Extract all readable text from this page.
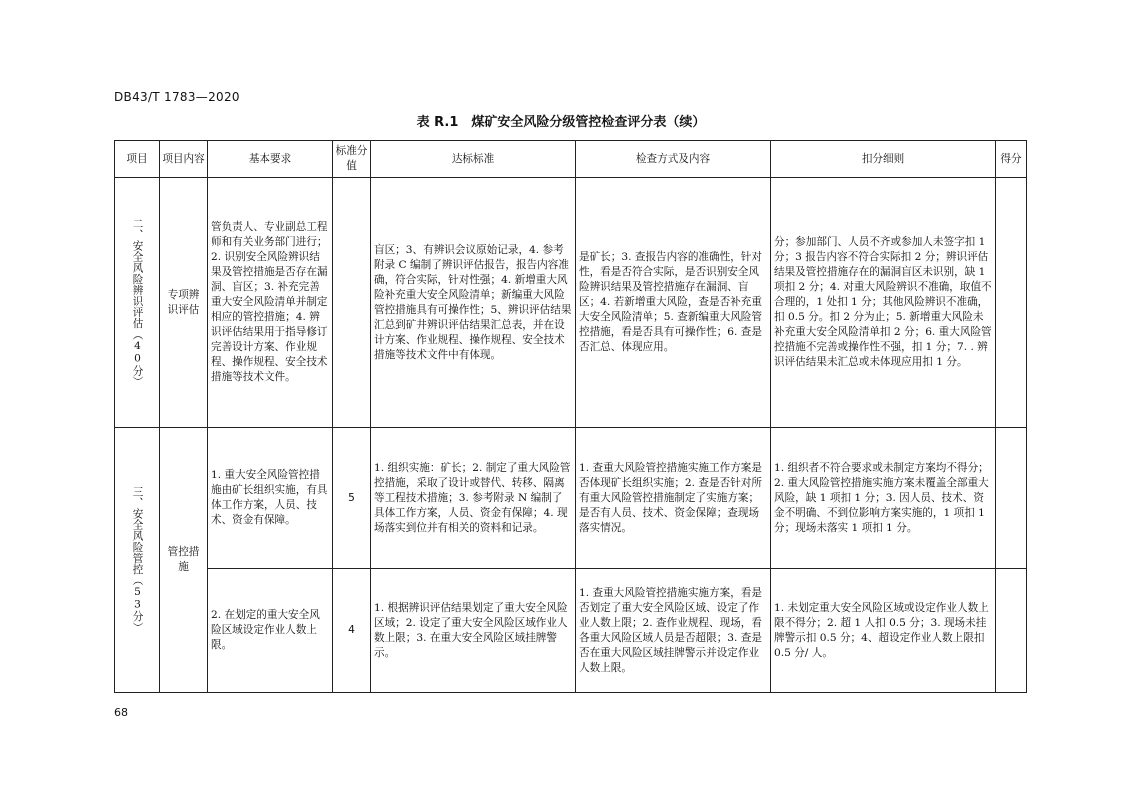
DB43/T 1783—2020
表 R.1　煤矿安全风险分级管控检查评分表（续）
项目	项目内容	基本要求	标准分值	达标标准	检查方式及内容	扣分细则	得分

二、安全风险辨识评估（40分）	专项辨识评估	管负责人、专业副总工程师和有关业务部门进行；2. 识别安全风险辨识结果及管控措施是否存在漏洞、盲区；3. 补充完善重大安全风险清单并制定相应的管控措施；4. 辨识评估结果用于指导修订完善设计方案、作业规程、操作规程、安全技术措施等技术文件。		盲区；3、有辨识会议原始记录，4. 参考附录 C 编制了辨识评估报告，报告内容准确，符合实际，针对性强；4. 新增重大风险补充重大安全风险清单；新编重大风险管控措施具有可操作性；5、辨识评估结果汇总到矿井辨识评估结果汇总表，并在设计方案、作业规程、操作规程、安全技术措施等技术文件中有体现。	是矿长；3. 查报告内容的准确性，针对性，看是否符合实际，是否识别安全风险辨识结果及管控措施存在漏洞、盲区；4. 若新增重大风险，查是否补充重大安全风险清单；5. 查新编重大风险管控措施，看是否具有可操作性；6. 查是否汇总、体现应用。	分；参加部门、人员不齐或参加人未签字扣 1 分；3 报告内容不符合实际扣 2 分；辨识评估结果及管控措施存在的漏洞盲区未识别，缺 1 项扣 2 分；4. 对重大风险辨识不准确，取值不合理的，1 处扣 1 分；其他风险辨识不准确，扣 0.5 分。扣 2 分为止；5. 新增重大风险未补充重大安全风险清单扣 2 分；6. 重大风险管控措施不完善或操作性不强，扣 1 分；7. . 辨识评估结果未汇总或未体现应用扣 1 分。	

三、安全风险管控（53分）	管控措施	1. 重大安全风险管控措施由矿长组织实施，有具体工作方案，人员、技术、资金有保障。	5	1. 组织实施：矿长；2. 制定了重大风险管控措施，采取了设计或替代、转移、隔离等工程技术措施；3. 参考附录 N 编制了具体工作方案，人员、资金有保障；4. 现场落实到位并有相关的资料和记录。	1. 查重大风险管控措施实施工作方案是否体现矿长组织实施；2. 查是否针对所有重大风险管控措施制定了实施方案；是否有人员、技术、资金保障；查现场落实情况。	1. 组织者不符合要求或未制定方案均不得分；2. 重大风险管控措施实施方案未覆盖全部重大风险，缺 1 项扣 1 分；3. 因人员、技术、资金不明确、不到位影响方案实施的，1 项扣 1 分；现场未落实 1 项扣 1 分。	
		2. 在划定的重大安全风险区域设定作业人数上限。	4	1. 根据辨识评估结果划定了重大安全风险区域；2. 设定了重大安全风险区域作业人数上限；3. 在重大安全风险区域挂牌警示。	1. 查重大风险管控措施实施方案，看是否划定了重大安全风险区域、设定了作业人数上限；2. 查作业规程、现场，看各重大风险区域人员是否超限；3. 查是否在重大风险区域挂牌警示并设定作业人数上限。	1. 未划定重大安全风险区域或设定作业人数上限不得分；2. 超 1 人扣 0.5 分；3. 现场未挂牌警示扣 0.5 分；4、超设定作业人数上限扣 0.5 分/ 人。	
68
